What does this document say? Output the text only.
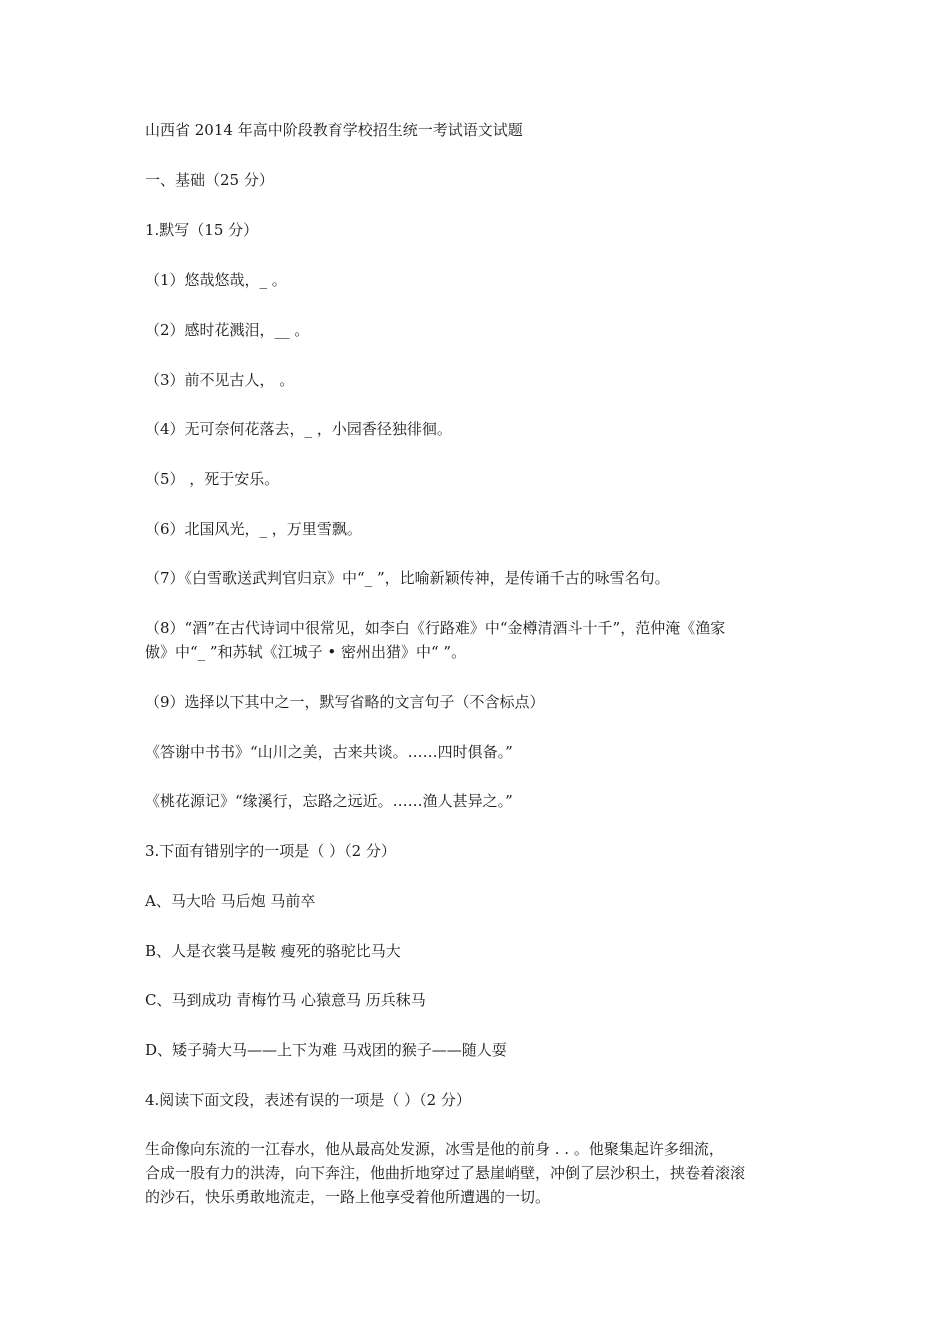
山西省 2014 年高中阶段教育学校招生统一考试语文试题
一、基础（25 分）
1.默写（15 分）
（1）悠哉悠哉，_ 。
（2）感时花溅泪，__ 。
（3）前不见古人， 。
（4）无可奈何花落去，_ ，小园香径独徘徊。
（5） ，死于安乐。
（6）北国风光，_ ，万里雪飘。
（7）《白雪歌送武判官归京》中“_ ”，比喻新颖传神，是传诵千古的咏雪名句。
（8）“酒”在古代诗词中很常见，如李白《行路难》中“金樽清酒斗十千”，范仲淹《渔家
傲》中“_ ”和苏轼《江城子 • 密州出猎》中“ ”。
（9）选择以下其中之一，默写省略的文言句子（不含标点）
《答谢中书书》“山川之美，古来共谈。……四时俱备。”
《桃花源记》“缘溪行，忘路之远近。……渔人甚异之。”
3.下面有错别字的一项是（ ）（2 分）
A、马大哈 马后炮 马前卒
B、人是衣裳马是鞍 瘦死的骆驼比马大
C、马到成功 青梅竹马 心猿意马 历兵秣马
D、矮子骑大马——上下为难 马戏团的猴子——随人耍
4.阅读下面文段，表述有误的一项是（ ）（2 分）
生命像向东流的一江春水，他从最高处发源，冰雪是他的前身 . . 。他聚集起许多细流，
合成一股有力的洪涛，向下奔注，他曲折地穿过了悬崖峭壁，冲倒了层沙积土，挟卷着滚滚
的沙石，快乐勇敢地流走，一路上他享受着他所遭遇的一切。
